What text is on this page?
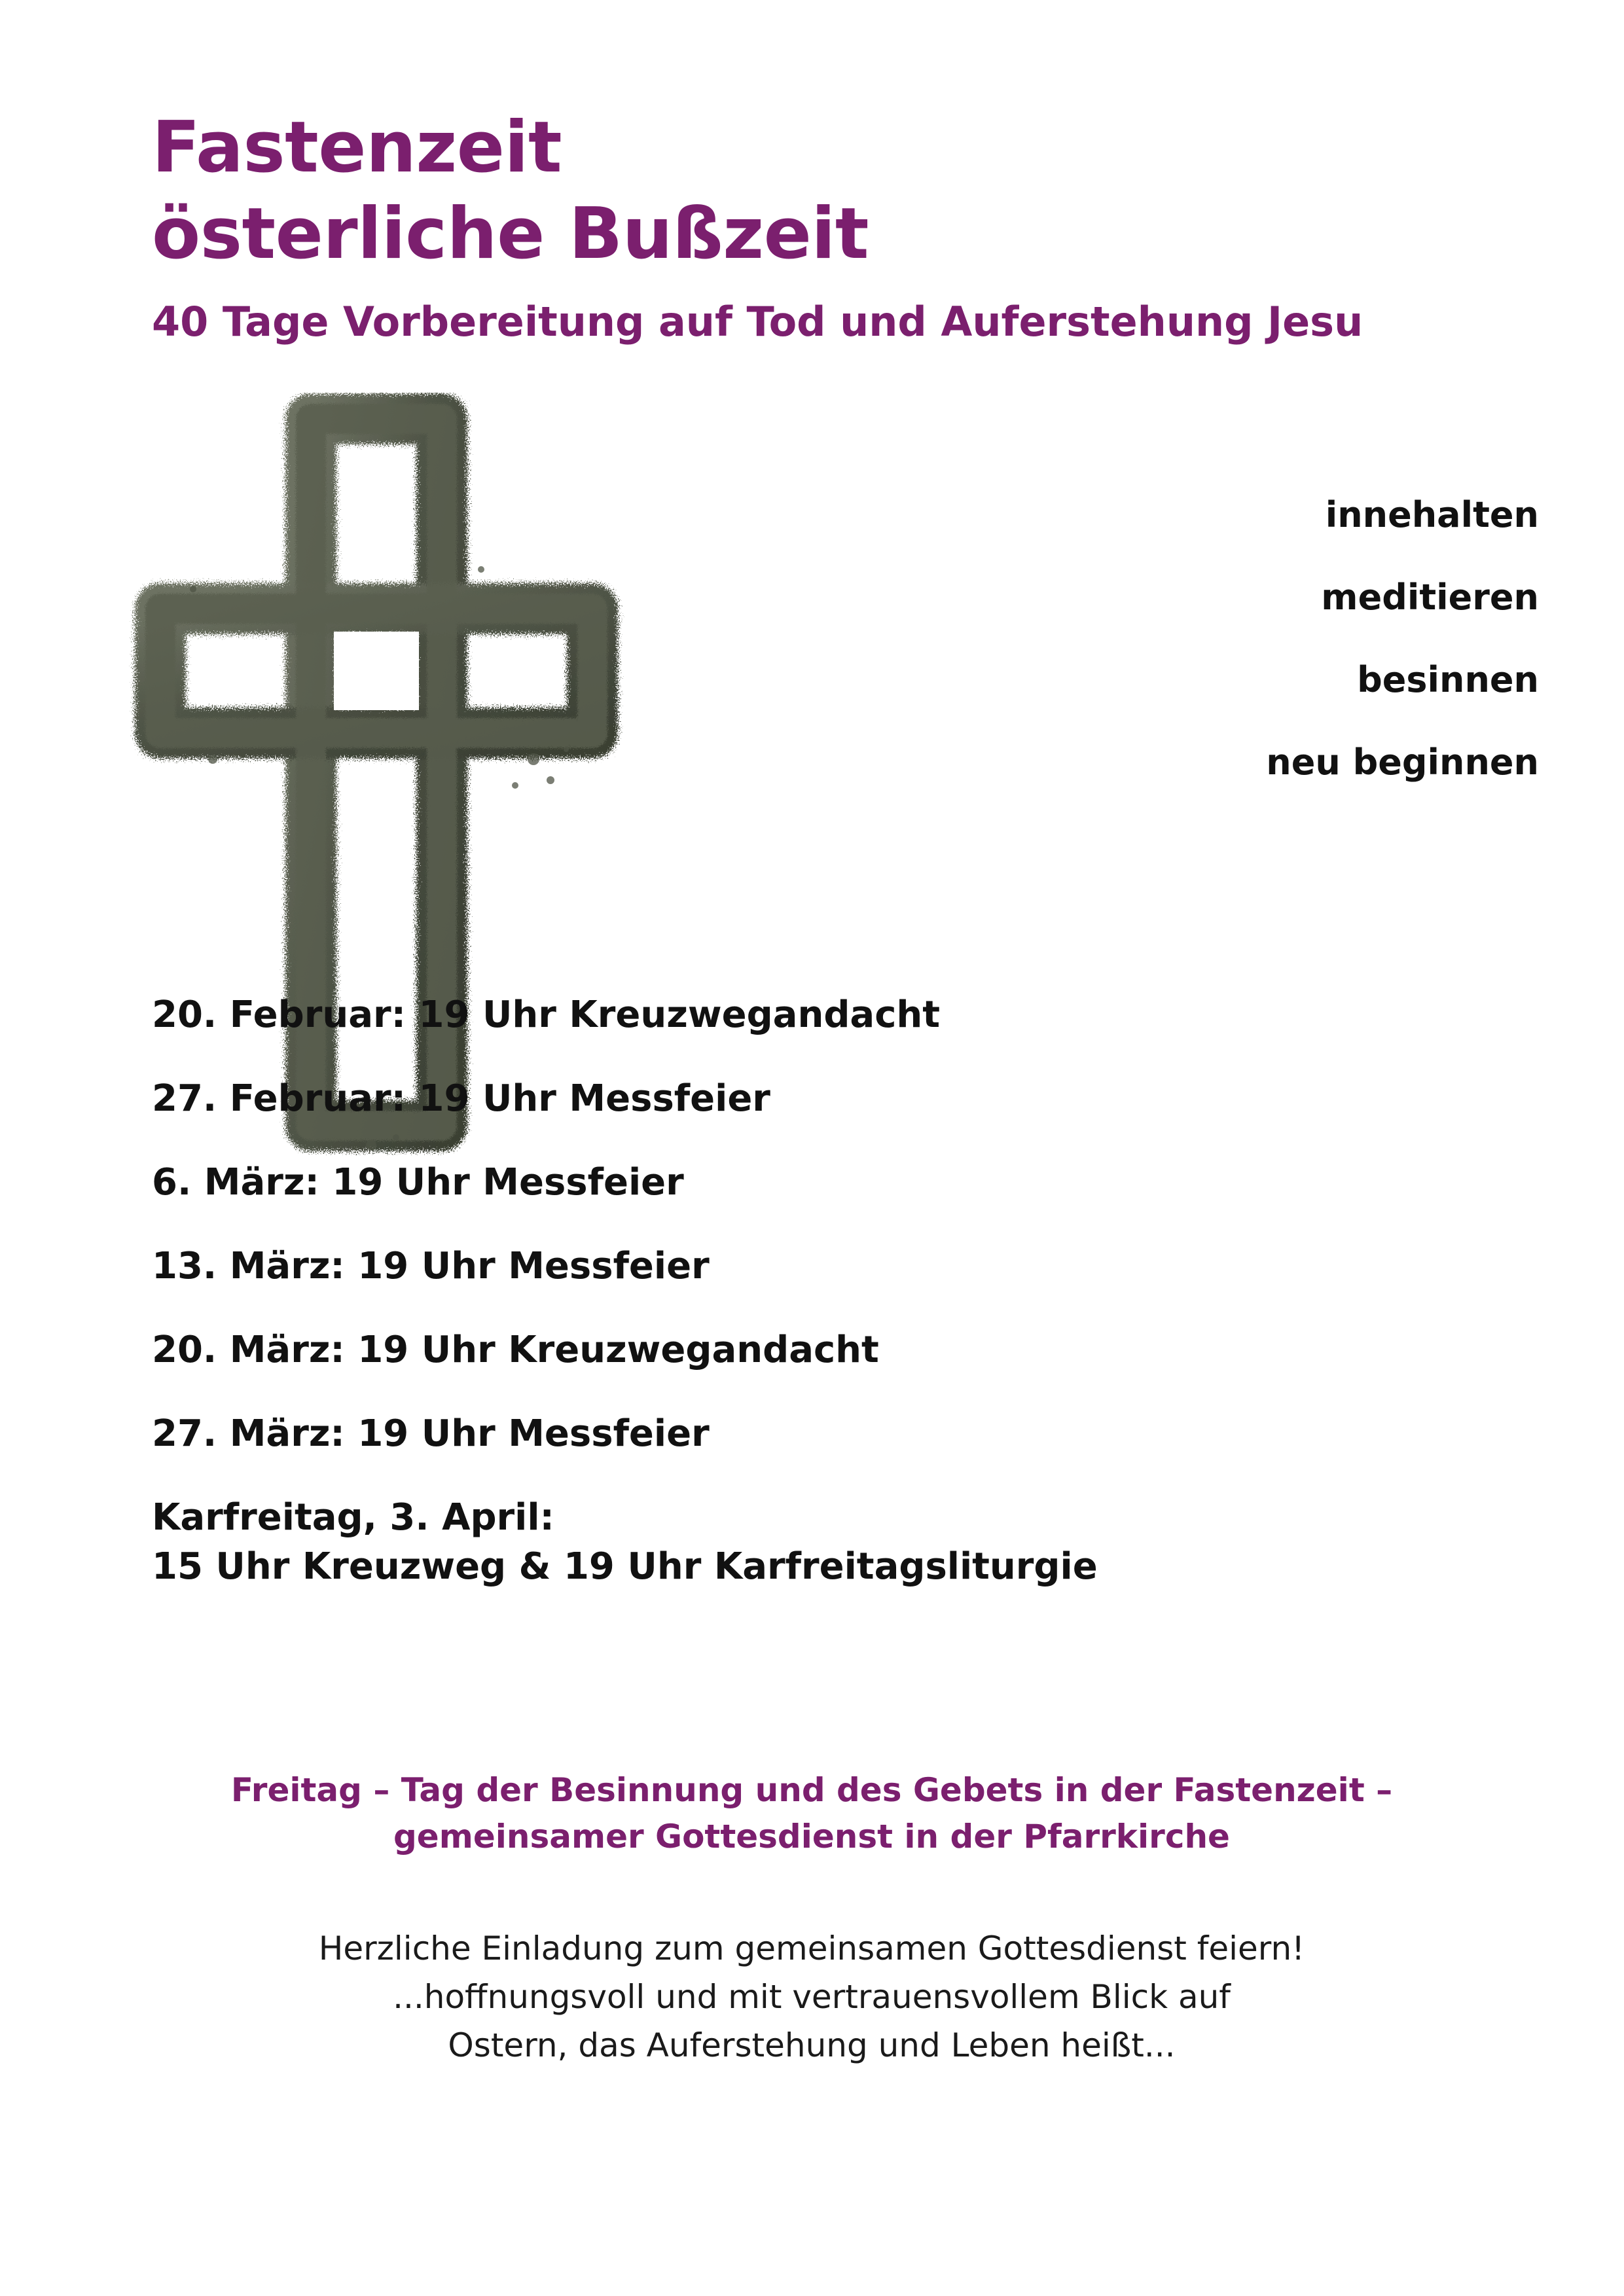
Fastenzeit
österliche Bußzeit
40 Tage Vorbereitung auf Tod und Auferstehung Jesu
innehalten
meditieren
besinnen
neu beginnen
20. Februar: 19 Uhr Kreuzwegandacht
27. Februar: 19 Uhr Messfeier
6. März: 19 Uhr Messfeier
13. März: 19 Uhr Messfeier
20. März: 19 Uhr Kreuzwegandacht
27. März: 19 Uhr Messfeier
Karfreitag, 3. April:
15 Uhr Kreuzweg & 19 Uhr Karfreitagsliturgie
Freitag – Tag der Besinnung und des Gebets in der Fastenzeit – gemeinsamer Gottesdienst in der Pfarrkirche
Herzliche Einladung zum gemeinsamen Gottesdienst feiern!
...hoffnungsvoll und mit vertrauensvollem Blick auf
Ostern, das Auferstehung und Leben heißt...
